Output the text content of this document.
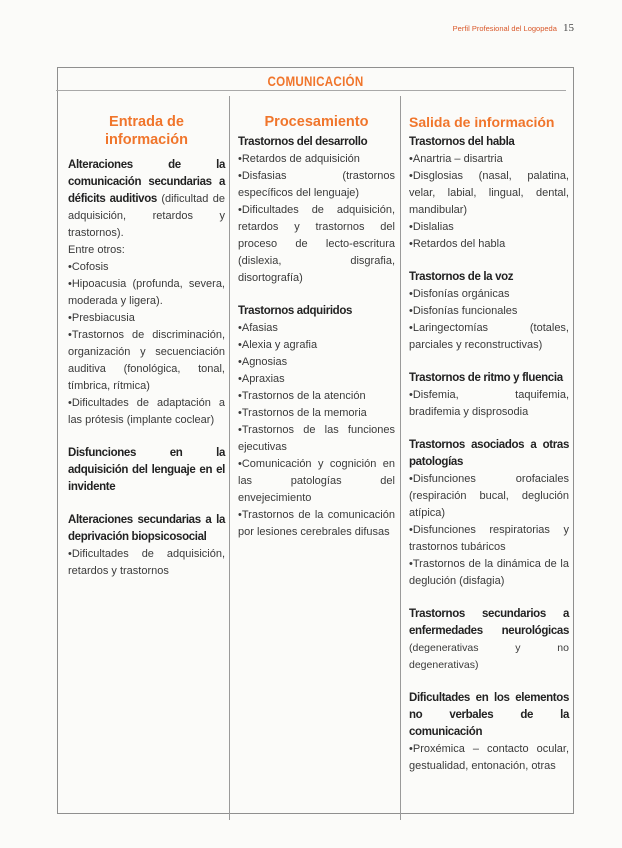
Perfil Profesional del Logopeda 15
COMUNICACIÓN
Entrada de información
Alteraciones de la comunicación secundarias a déficits auditivos (dificultad de adquisición, retardos y trastornos).
Entre otros:
•Cofosis
•Hipoacusia (profunda, severa, moderada y ligera).
•Presbiacusia
•Trastornos de discriminación, organización y secuenciación auditiva (fonológica, tonal, tímbrica, rítmica)
•Dificultades de adaptación a las prótesis (implante coclear)
Disfunciones en la adquisición del lenguaje en el invidente
Alteraciones secundarias a la deprivación biopsicosocial
•Dificultades de adquisición, retardos y trastornos
Procesamiento
Trastornos del desarrollo
•Retardos de adquisición
•Disfasias (trastornos específicos del lenguaje)
•Dificultades de adquisición, retardos y trastornos del proceso de lecto-escritura (dislexia, disgrafia, disortografía)
Trastornos adquiridos
•Afasias
•Alexia y agrafia
•Agnosias
•Apraxias
•Trastornos de la atención
•Trastornos de la memoria
•Trastornos de las funciones ejecutivas
•Comunicación y cognición en las patologías del envejecimiento
•Trastornos de la comunicación por lesiones cerebrales difusas
Salida de información
Trastornos del habla
•Anartria – disartria
•Disglosias (nasal, palatina, velar, labial, lingual, dental, mandibular)
•Dislalias
•Retardos del habla
Trastornos de la voz
•Disfonías orgánicas
•Disfonías funcionales
•Laringectomías (totales, parciales y reconstructivas)
Trastornos de ritmo y fluencia
•Disfemia, taquifemia, bradifemia y disprosodia
Trastornos asociados a otras patologías
•Disfunciones orofaciales (respiración bucal, deglución atípica)
•Disfunciones respiratorias y trastornos tubáricos
•Trastornos de la dinámica de la deglución (disfagia)
Trastornos secundarios a enfermedades neurológicas (degenerativas y no degenerativas)
Dificultades en los elementos no verbales de la comunicación
•Proxémica – contacto ocular, gestualidad, entonación, otras
